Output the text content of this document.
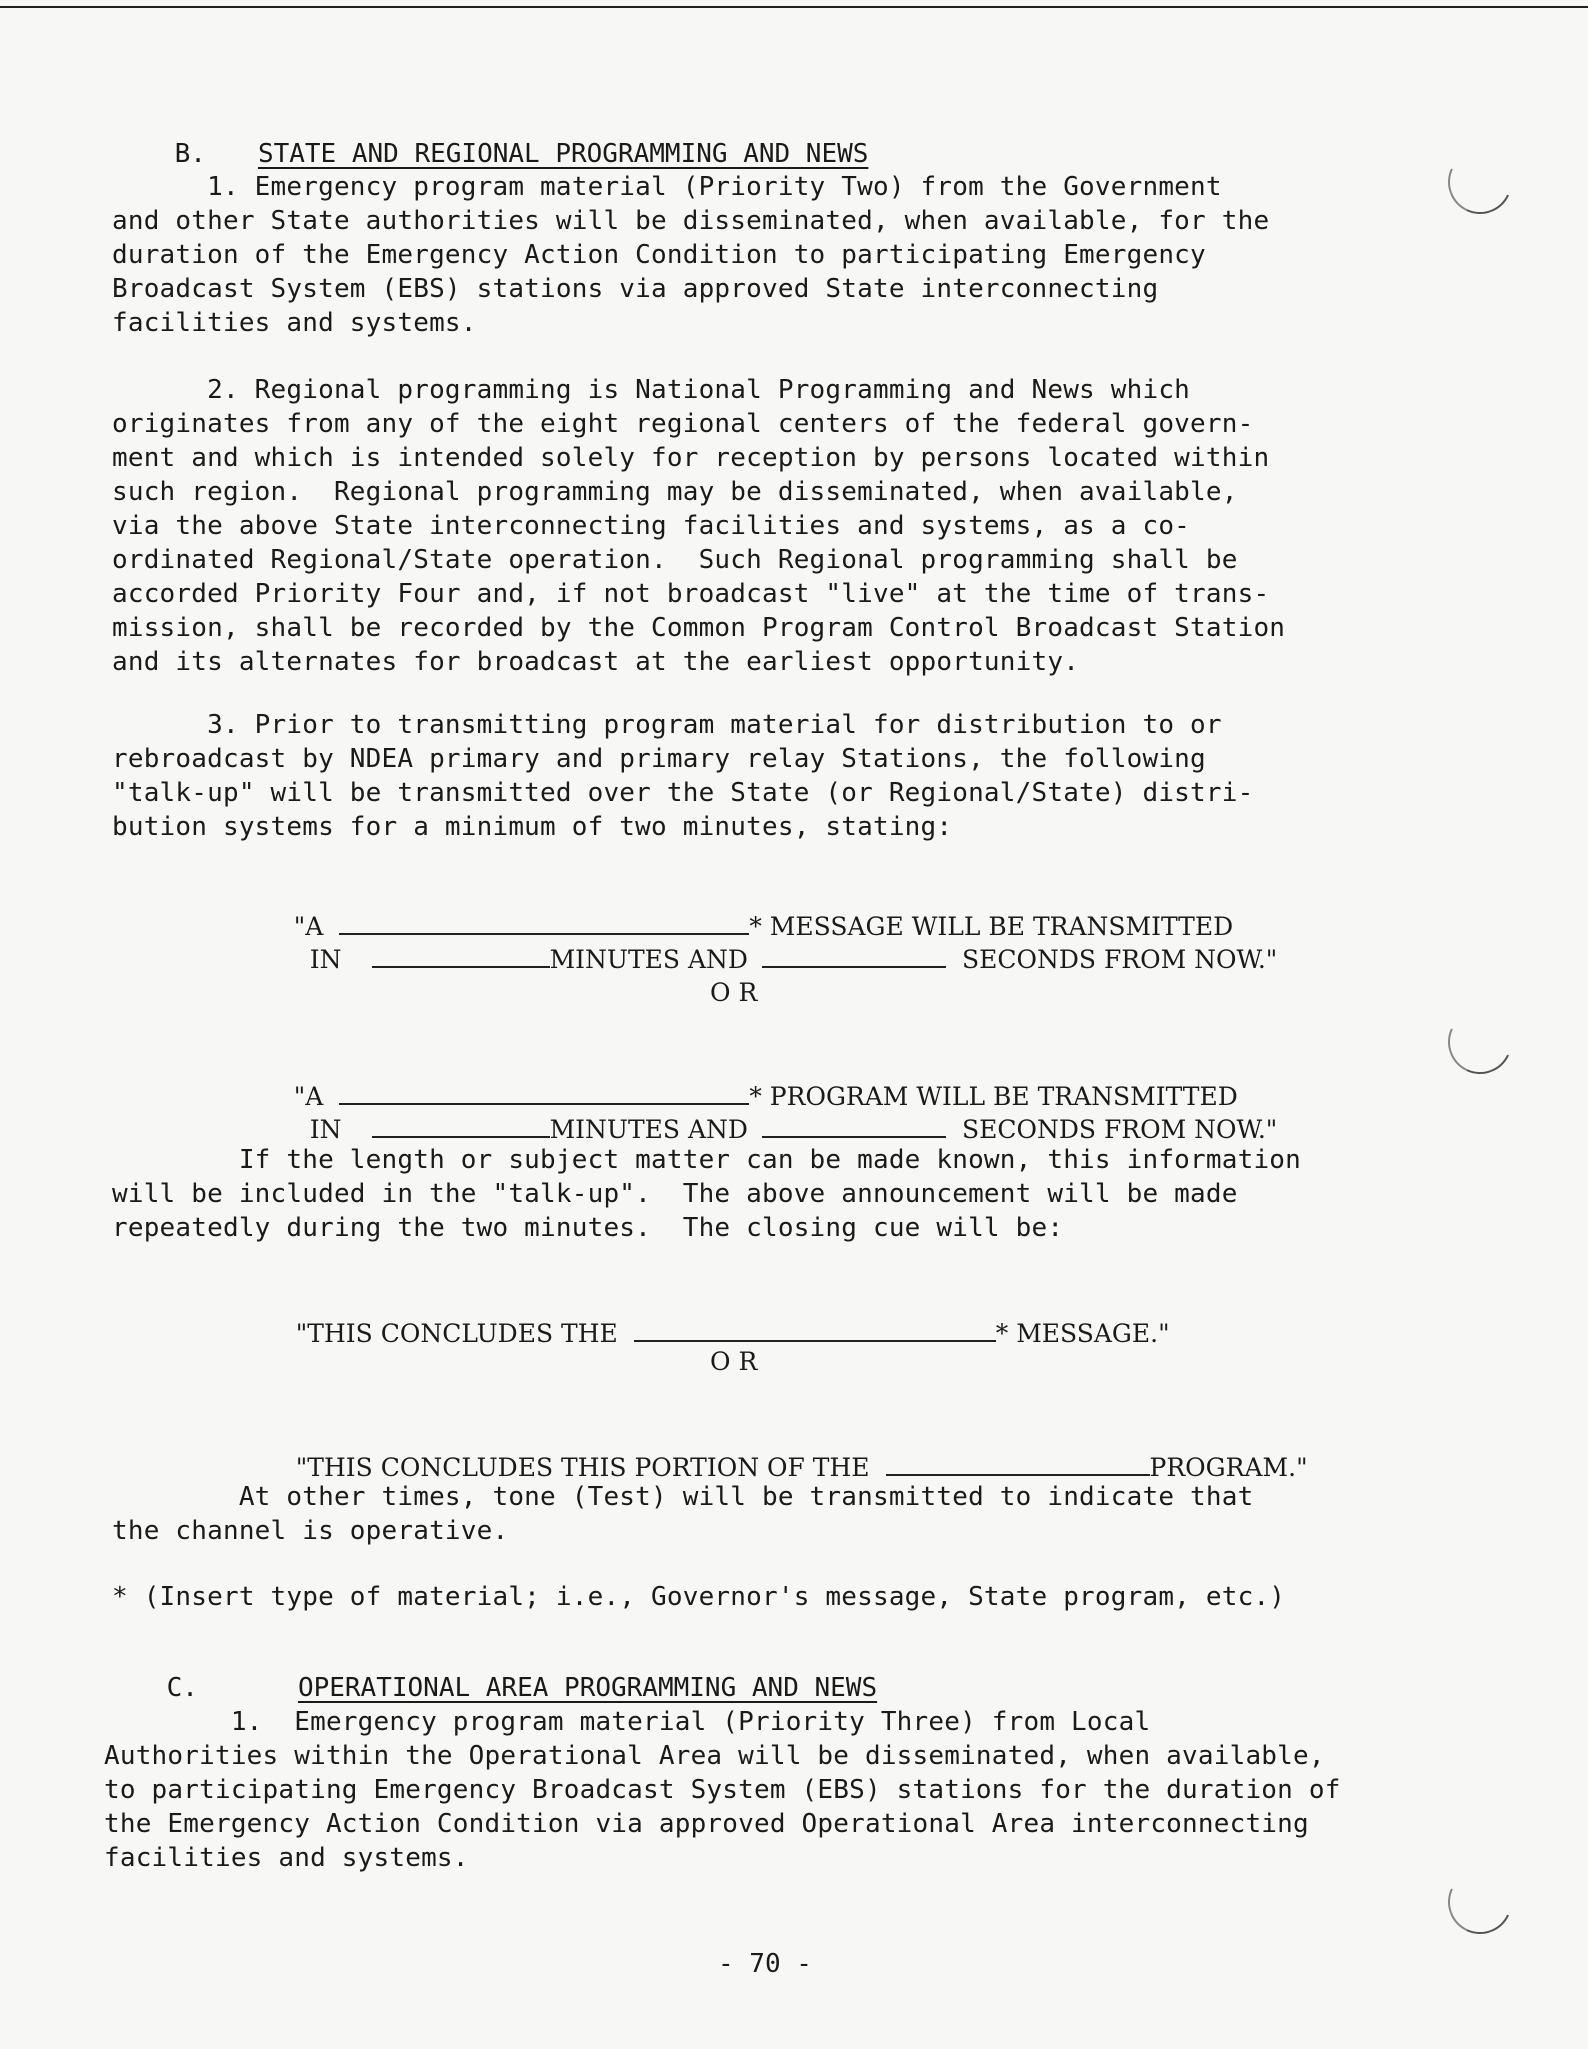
B. STATE AND REGIONAL PROGRAMMING AND NEWS

1. Emergency program material (Priority Two) from the Government

and other State authorities will be disseminated, when available, for the

duration of the Emergency Action Condition to participating Emergency

Broadcast System (EBS) stations via approved State interconnecting

facilities and systems.

2. Regional programming is National Programming and News which

originates from any of the eight regional centers of the federal govern-

ment and which is intended solely for reception by persons located within

such region.  Regional programming may be disseminated, when available,

via the above State interconnecting facilities and systems, as a co-

ordinated Regional/State operation.  Such Regional programming shall be

accorded Priority Four and, if not broadcast "live" at the time of trans-

mission, shall be recorded by the Common Program Control Broadcast Station

and its alternates for broadcast at the earliest opportunity.

3. Prior to transmitting program material for distribution to or

rebroadcast by NDEA primary and primary relay Stations, the following

"talk-up" will be transmitted over the State (or Regional/State) distri-

bution systems for a minimum of two minutes, stating:

"A	* MESSAGE WILL BE TRANSMITTED

IN	MINUTES AND	SECONDS FROM NOW."

O R

"A	* PROGRAM WILL BE TRANSMITTED

IN	MINUTES AND	SECONDS FROM NOW."

If the length or subject matter can be made known, this information

will be included in the "talk-up".  The above announcement will be made

repeatedly during the two minutes.  The closing cue will be:

"THIS CONCLUDES THE	* MESSAGE."

O R

"THIS CONCLUDES THIS PORTION OF THE	PROGRAM."

At other times, tone (Test) will be transmitted to indicate that

the channel is operative.

* (Insert type of material; i.e., Governor's message, State program, etc.)

C.	OPERATIONAL AREA PROGRAMMING AND NEWS

1.  Emergency program material (Priority Three) from Local

Authorities within the Operational Area will be disseminated, when available,

to participating Emergency Broadcast System (EBS) stations for the duration of

the Emergency Action Condition via approved Operational Area interconnecting

facilities and systems.

- 70 -
